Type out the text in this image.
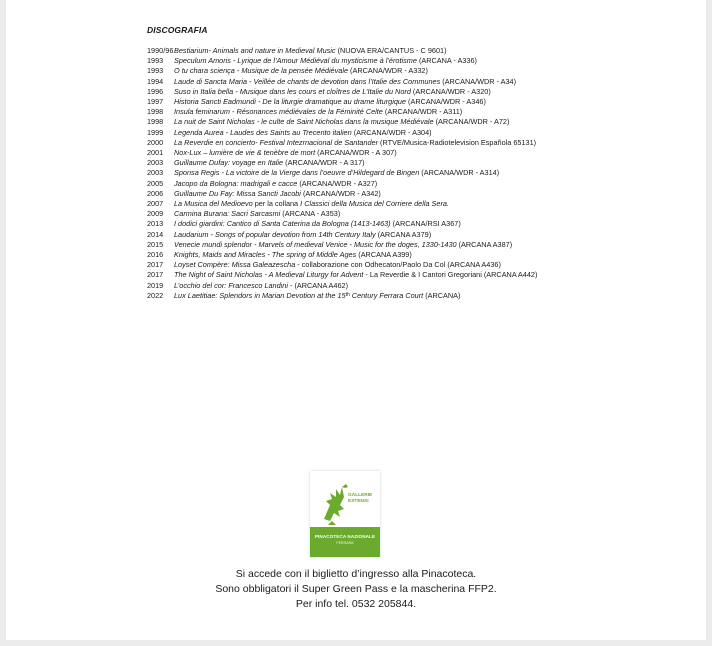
DISCOGRAFIA
1990/96 Bestiarium- Animals and nature in Medieval Music (NUOVA ERA/CANTUS - C 9601)
1993	Speculum Amoris - Lyrique de l’Amour Médiéval du mysticisme à l’érotisme (ARCANA - A336)
1993	O tu chara sciença - Musique de la pensée Médiévale (ARCANA/WDR - A332)
1994	Laude di Sancta Maria - Veillée de chants de devotion dans l’Italie des Communes (ARCANA/WDR - A34)
1996	Suso in Italia bella - Musique dans les cours et cloîtres de L’Italie du Nord (ARCANA/WDR - A320)
1997	Historia Sancti Eadmundi - De la liturgie dramatique au drame liturgique (ARCANA/WDR - A346)
1998	Insula feminarum - Résonances médiévales de la Féminité Celte (ARCANA/WDR - A311)
1998	La nuit de Saint Nicholas - le culte de Saint Nicholas dans la musique Médiévale (ARCANA/WDR - A72)
1999	Legenda Aurea - Laudes des Saints au Trecento italien (ARCANA/WDR - A304)
2000	La Reverdie en concierto- Festival Intezrnacional de Santander (RTVE/Musica-Radiotelevision Española 65131)
2001	Nox-Lux – lumière de vie & tenèbre de mort (ARCANA/WDR - A 307)
2003	Guillaume Dufay: voyage en Italie (ARCANA/WDR - A 317)
2003	Sponsa Regis - La victoire de la Vierge dans l’oeuvre d’Hildegard de Bingen (ARCANA/WDR - A314)
2005	Jacopo da Bologna: madrigali e cacce (ARCANA/WDR - A327)
2006	Guillaume Du Fay: Missa Sancti Jacobi (ARCANA/WDR - A342)
2007	La Musica del Medioevo per la collana I Classici della Musica del Corriere della Sera.
2009	Carmina Burana: Sacri Sarcasmi (ARCANA - A353)
2013	I dodici giardini: Cantico di Santa Caterina da Bologna (1413-1463) (ARCANA/RSI A367)
2014	Laudarium - Songs of popular devotion from 14th Century Italy (ARCANA A379)
2015	Venecie mundi splendor - Marvels of medieval Venice - Music for the doges, 1330-1430 (ARCANA A387)
2016	Knights, Maids and Miracles - The spring of Middle Ages (ARCANA A399)
2017	Loyset Compère: Missa Galeazescha - collaborazione con Odhecaton/Paolo Da Col (ARCANA A436)
2017	The Night of Saint Nicholas - A Medieval Liturgy for Advent - La Reverdie & I Cantori Gregoriani (ARCANA A442)
2019	L’occhio del cor: Francesco Landini - (ARCANA A462)
2022	Lux Laetitiae: Splendors in Marian Devotion at the 15th Century Ferrara Court (ARCANA)
GALLERIE
ESTENSI
PINACOTECA NAZIONALE
FERRARA
Si accede con il biglietto d’ingresso alla Pinacoteca.
Sono obbligatori il Super Green Pass e la mascherina FFP2.
Per info tel. 0532 205844.
